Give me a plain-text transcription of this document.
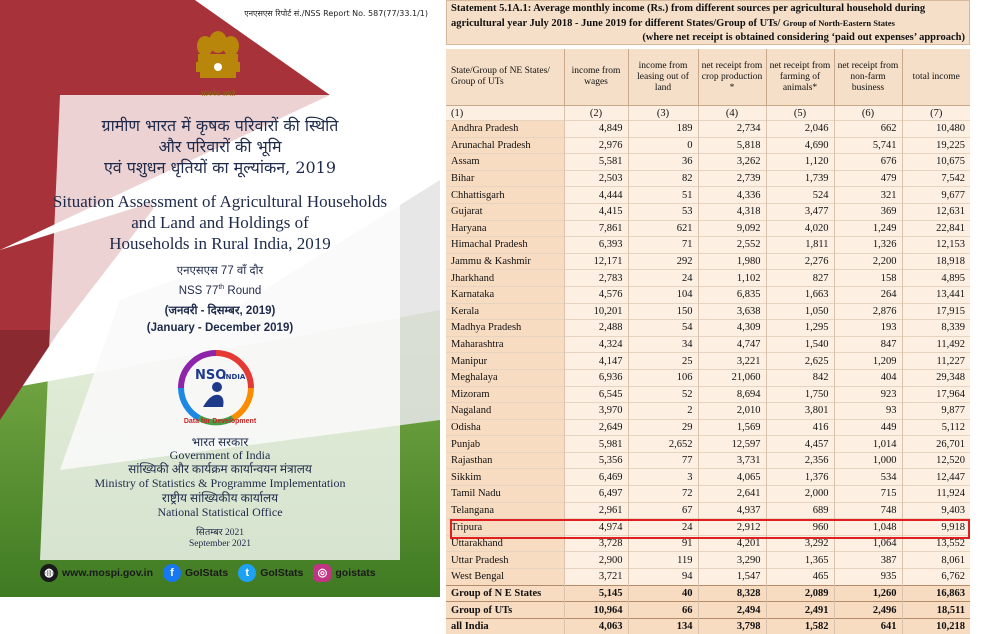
एनएसएस रिपोर्ट सं./NSS Report No. 587(77/33.1/1)
सत्यमेव जयते
ग्रामीण भारत में कृषक परिवारों की स्थिति
और परिवारों की भूमि
एवं पशुधन धृतियों का मूल्यांकन, 2019
Situation Assessment of Agricultural Households
and Land and Holdings of
Households in Rural India, 2019
एनएसएस 77 वाँ दौर
NSS 77th Round
(जनवरी - दिसम्बर, 2019)
(January - December 2019)
NSO
INDIA
Data for Development
भारत सरकार
Government of India
सांख्यिकी और कार्यक्रम कार्यान्वयन मंत्रालय
Ministry of Statistics & Programme Implementation
राष्ट्रीय सांख्यिकीय कार्यालय
National Statistical Office
सितम्बर 2021
September 2021
◍ www.mospi.gov.in	f	GoIStats	t	GoIStats	◎ goistats
Statement 5.1A.1: Average monthly income (Rs.) from different sources per agricultural household during
agricultural year July 2018 - June 2019 for different States/Group of UTs/ Group of North-Eastern States
(where net receipt is obtained considering ‘paid out expenses’ approach)
State/Group of NE States/ Group of UTs	income from wages	income from leasing out of land	net receipt from crop production *	net receipt from farming of animals*	net receipt from non-farm business	total income
(1)	(2)	(3)	(4)	(5)	(6)	(7)
Andhra Pradesh	4,849	189	2,734	2,046	662	10,480
Arunachal Pradesh	2,976	0	5,818	4,690	5,741	19,225
Assam	5,581	36	3,262	1,120	676	10,675
Bihar	2,503	82	2,739	1,739	479	7,542
Chhattisgarh	4,444	51	4,336	524	321	9,677
Gujarat	4,415	53	4,318	3,477	369	12,631
Haryana	7,861	621	9,092	4,020	1,249	22,841
Himachal Pradesh	6,393	71	2,552	1,811	1,326	12,153
Jammu & Kashmir	12,171	292	1,980	2,276	2,200	18,918
Jharkhand	2,783	24	1,102	827	158	4,895
Karnataka	4,576	104	6,835	1,663	264	13,441
Kerala	10,201	150	3,638	1,050	2,876	17,915
Madhya Pradesh	2,488	54	4,309	1,295	193	8,339
Maharashtra	4,324	34	4,747	1,540	847	11,492
Manipur	4,147	25	3,221	2,625	1,209	11,227
Meghalaya	6,936	106	21,060	842	404	29,348
Mizoram	6,545	52	8,694	1,750	923	17,964
Nagaland	3,970	2	2,010	3,801	93	9,877
Odisha	2,649	29	1,569	416	449	5,112
Punjab	5,981	2,652	12,597	4,457	1,014	26,701
Rajasthan	5,356	77	3,731	2,356	1,000	12,520
Sikkim	6,469	3	4,065	1,376	534	12,447
Tamil Nadu	6,497	72	2,641	2,000	715	11,924
Telangana	2,961	67	4,937	689	748	9,403
Tripura	4,974	24	2,912	960	1,048	9,918
Uttarakhand	3,728	91	4,201	3,292	1,064	13,552
Uttar Pradesh	2,900	119	3,290	1,365	387	8,061
West Bengal	3,721	94	1,547	465	935	6,762
Group of N E States	5,145	40	8,328	2,089	1,260	16,863
Group of UTs	10,964	66	2,494	2,491	2,496	18,511
all India	4,063	134	3,798	1,582	641	10,218
